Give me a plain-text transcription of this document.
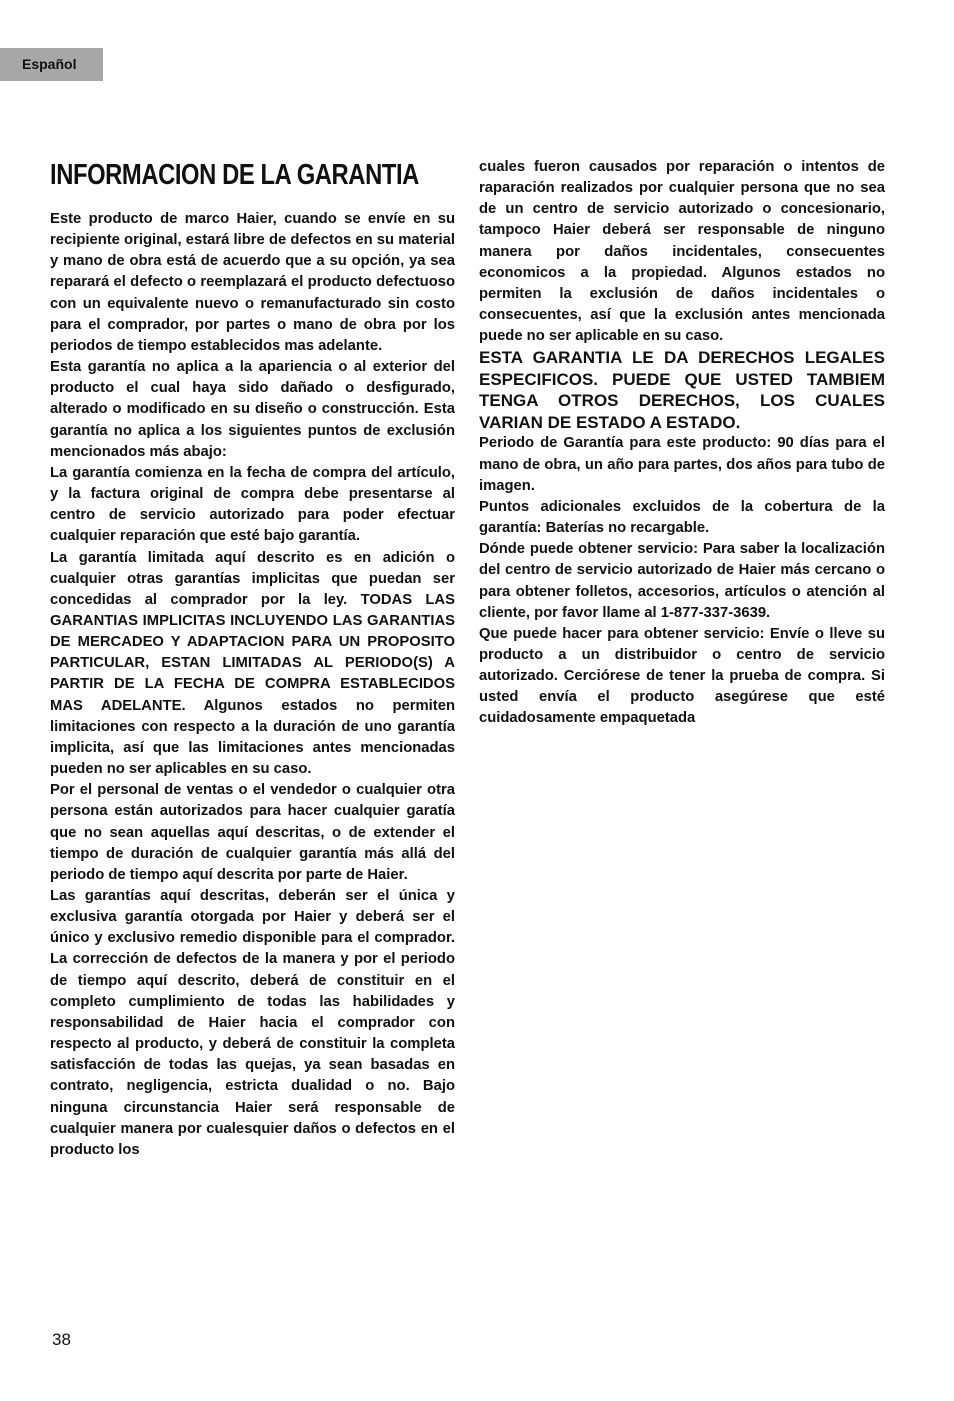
Español
INFORMACION DE LA GARANTIA

Este producto de marco Haier, cuando se envíe en su recipiente original, estará libre de defectos en su material y mano de obra está de acuerdo que a su opción, ya sea reparará el defecto o reemplazará el producto defectuoso con un equivalente nuevo o remanufacturado sin costo para el comprador, por partes o mano de obra por los periodos de tiempo establecidos mas adelante.

Esta garantía no aplica a la apariencia o al exterior del producto el cual haya sido dañado o desfigurado, alterado o modificado en su diseño o construcción. Esta garantía no aplica a los siguientes puntos de exclusión mencionados más abajo:

La garantía comienza en la fecha de compra del artículo, y la factura original de compra debe presentarse al centro de servicio autorizado para poder efectuar cualquier reparación que esté bajo garantía.

La garantía limitada aquí descrito es en adición o cualquier otras garantías implicitas que puedan ser concedidas al comprador por la ley. TODAS LAS GARANTIAS IMPLICITAS INCLUYENDO LAS GARANTIAS DE MERCADEO Y ADAPTACION PARA UN PROPOSITO PARTICULAR, ESTAN LIMITADAS AL PERIODO(S) A PARTIR DE LA FECHA DE COMPRA ESTABLECIDOS MAS ADELANTE. Algunos estados no permiten limitaciones con respecto a la duración de uno garantía implicita, así que las limitaciones antes mencionadas pueden no ser aplicables en su caso.

Por el personal de ventas o el vendedor o cualquier otra persona están autorizados para hacer cualquier garatía que no sean aquellas aquí descritas, o de extender el tiempo de duración de cualquier garantía más allá del periodo de tiempo aquí descrita por parte de Haier.

Las garantías aquí descritas, deberán ser el única y exclusiva garantía otorgada por Haier y deberá ser el único y exclusivo remedio disponible para el comprador. La corrección de defectos de la manera y por el periodo de tiempo aquí descrito, deberá de constituir en el completo cumplimiento de todas las habilidades y responsabilidad de Haier hacia el comprador con respecto al producto, y deberá de constituir la completa satisfacción de todas las quejas, ya sean basadas en contrato, negligencia, estricta dualidad o no. Bajo ninguna circunstancia Haier será responsable de cualquier manera por cualesquier daños o defectos en el producto los

cuales fueron causados por reparación o intentos de raparación realizados por cualquier persona que no sea de un centro de servicio autorizado o concesionario, tampoco Haier deberá ser responsable de ninguno manera por daños incidentales, consecuentes economicos a la propiedad. Algunos estados no permiten la exclusión de daños incidentales o consecuentes, así que la exclusión antes mencionada puede no ser aplicable en su caso.

ESTA GARANTIA LE DA DERECHOS LEGALES ESPECIFICOS. PUEDE QUE USTED TAMBIEM TENGA OTROS DERECHOS, LOS CUALES VARIAN DE ESTADO A ESTADO.

Periodo de Garantía para este producto: 90 días para el mano de obra, un año para partes, dos años para tubo de imagen.

Puntos adicionales excluidos de la cobertura de la garantía: Baterías no recargable.

Dónde puede obtener servicio: Para saber la localización del centro de servicio autorizado de Haier más cercano o para obtener folletos, accesorios, artículos o atención al cliente, por favor llame al 1-877-337-3639.

Que puede hacer para obtener servicio: Envíe o lleve su producto a un distribuidor o centro de servicio autorizado. Cerciórese de tener la prueba de compra. Si usted envía el producto asegúrese que esté cuidadosamente empaquetada

38
